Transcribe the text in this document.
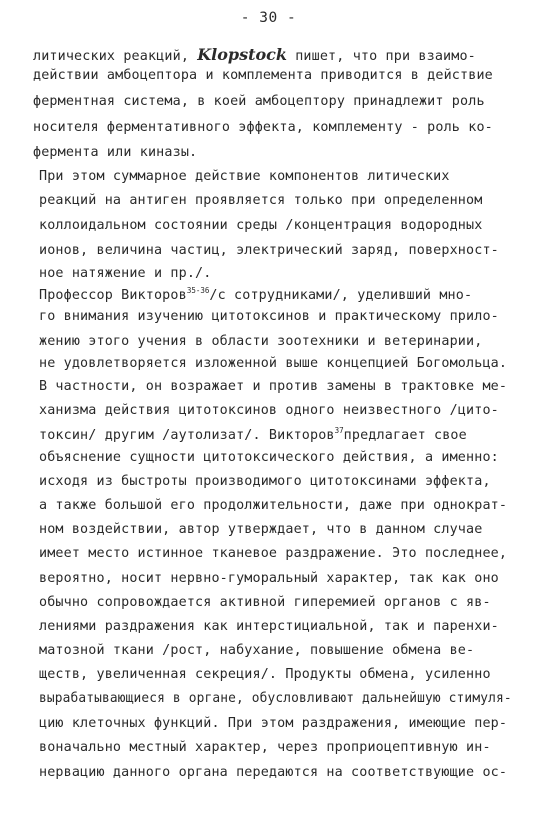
- 30 -
литических реакций, Klopstock пишет, что при взаимо-
действии амбоцептора и комплемента приводится в действие
ферментная система, в коей амбоцептору принадлежит роль
носителя ферментативного эффекта, комплементу - роль ко-
фермента или киназы.
При этом суммарное действие компонентов литических
реакций на антиген проявляется только при определенном
коллоидальном состоянии среды /концентрация водородных
ионов, величина частиц, электрический заряд, поверхност-
ное натяжение и пр./.
Профессор Викторов$^{35-36}$/с сотрудниками/, уделивший мно-
го внимания изучению цитотоксинов и практическому прило-
жению этого учения в области зоотехники и ветеринарии,
не удовлетворяется изложенной выше концепцией Богомольца.
В частности, он возражает и против замены в трактовке ме-
ханизма действия цитотоксинов одного неизвестного /цито-
токсин/ другим /аутолизат/. Викторов$^{37}$предлагает свое
объяснение сущности цитотоксического действия, а именно:
исходя из быстроты производимого цитотоксинами эффекта,
а также большой его продолжительности, даже при однократ-
ном воздействии, автор утверждает, что в данном случае
имеет место истинное тканевое раздражение. Это последнее,
вероятно, носит нервно-гуморальный характер, так как оно
обычно сопровождается активной гиперемией органов с яв-
лениями раздражения как интерстициальной, так и паренхи-
матозной ткани /рост, набухание, повышение обмена ве-
ществ, увеличенная секреция/. Продукты обмена, усиленно
вырабатывающиеся в органе, обусловливают дальнейшую стимуля-
цию клеточных функций. При этом раздражения, имеющие пер-
воначально местный характер, через проприоцептивную ин-
нервацию данного органа передаются на соответствующие ос-
